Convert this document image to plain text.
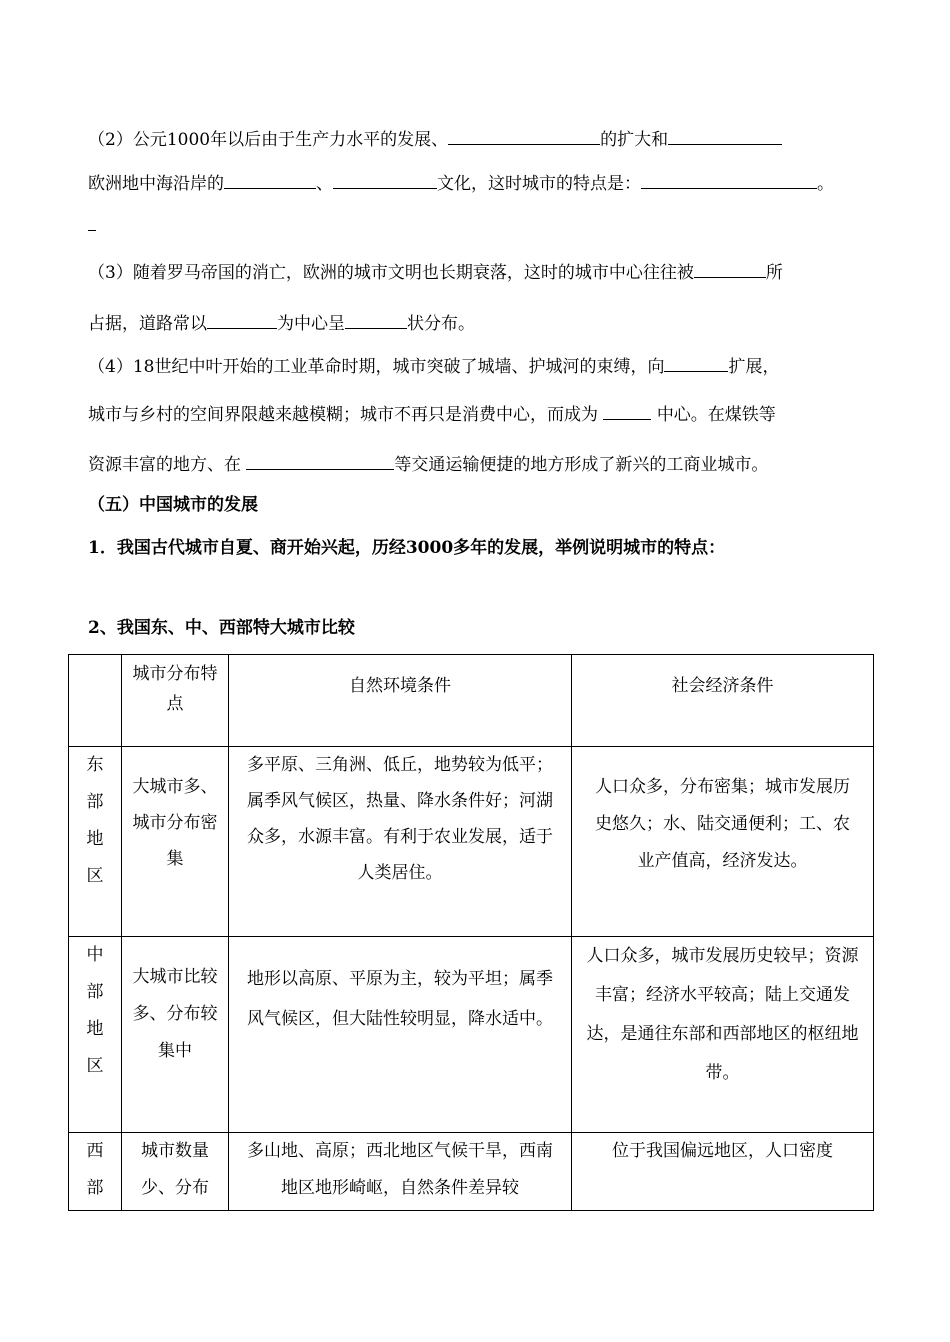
（2）公元1000年以后由于生产力水平的发展、	的扩大和
欧洲地中海沿岸的	、	文化，这时城市的特点是：	。
（3）随着罗马帝国的消亡，欧洲的城市文明也长期衰落，这时的城市中心往往被	所
占据，道路常以	为中心呈	状分布。
（4）18世纪中叶开始的工业革命时期，城市突破了城墙、护城河的束缚，向	扩展，
城市与乡村的空间界限越来越模糊；城市不再只是消费中心，而成为	中心。在煤铁等
资源丰富的地方、在	等交通运输便捷的地方形成了新兴的工商业城市。
（五）中国城市的发展
1．我国古代城市自夏、商开始兴起，历经3000多年的发展，举例说明城市的特点：
2、我国东、中、西部特大城市比较
	城市分布特点	自然环境条件	社会经济条件

东
部
地
区	大城市多、城市分布密集	多平原、三角洲、低丘，地势较为低平；属季风气候区，热量、降水条件好；河湖众多，水源丰富。有利于农业发展，适于人类居住。	人口众多，分布密集；城市发展历史悠久；水、陆交通便利；工、农业产值高，经济发达。

中
部
地
区	大城市比较多、分布较集中	地形以高原、平原为主，较为平坦；属季风气候区，但大陆性较明显，降水适中。	人口众多，城市发展历史较早；资源丰富；经济水平较高；陆上交通发达，是通往东部和西部地区的枢纽地带。

西
部	城市数量少、分布	多山地、高原；西北地区气候干旱，西南地区地形崎岖，自然条件差异较	位于我国偏远地区，人口密度
